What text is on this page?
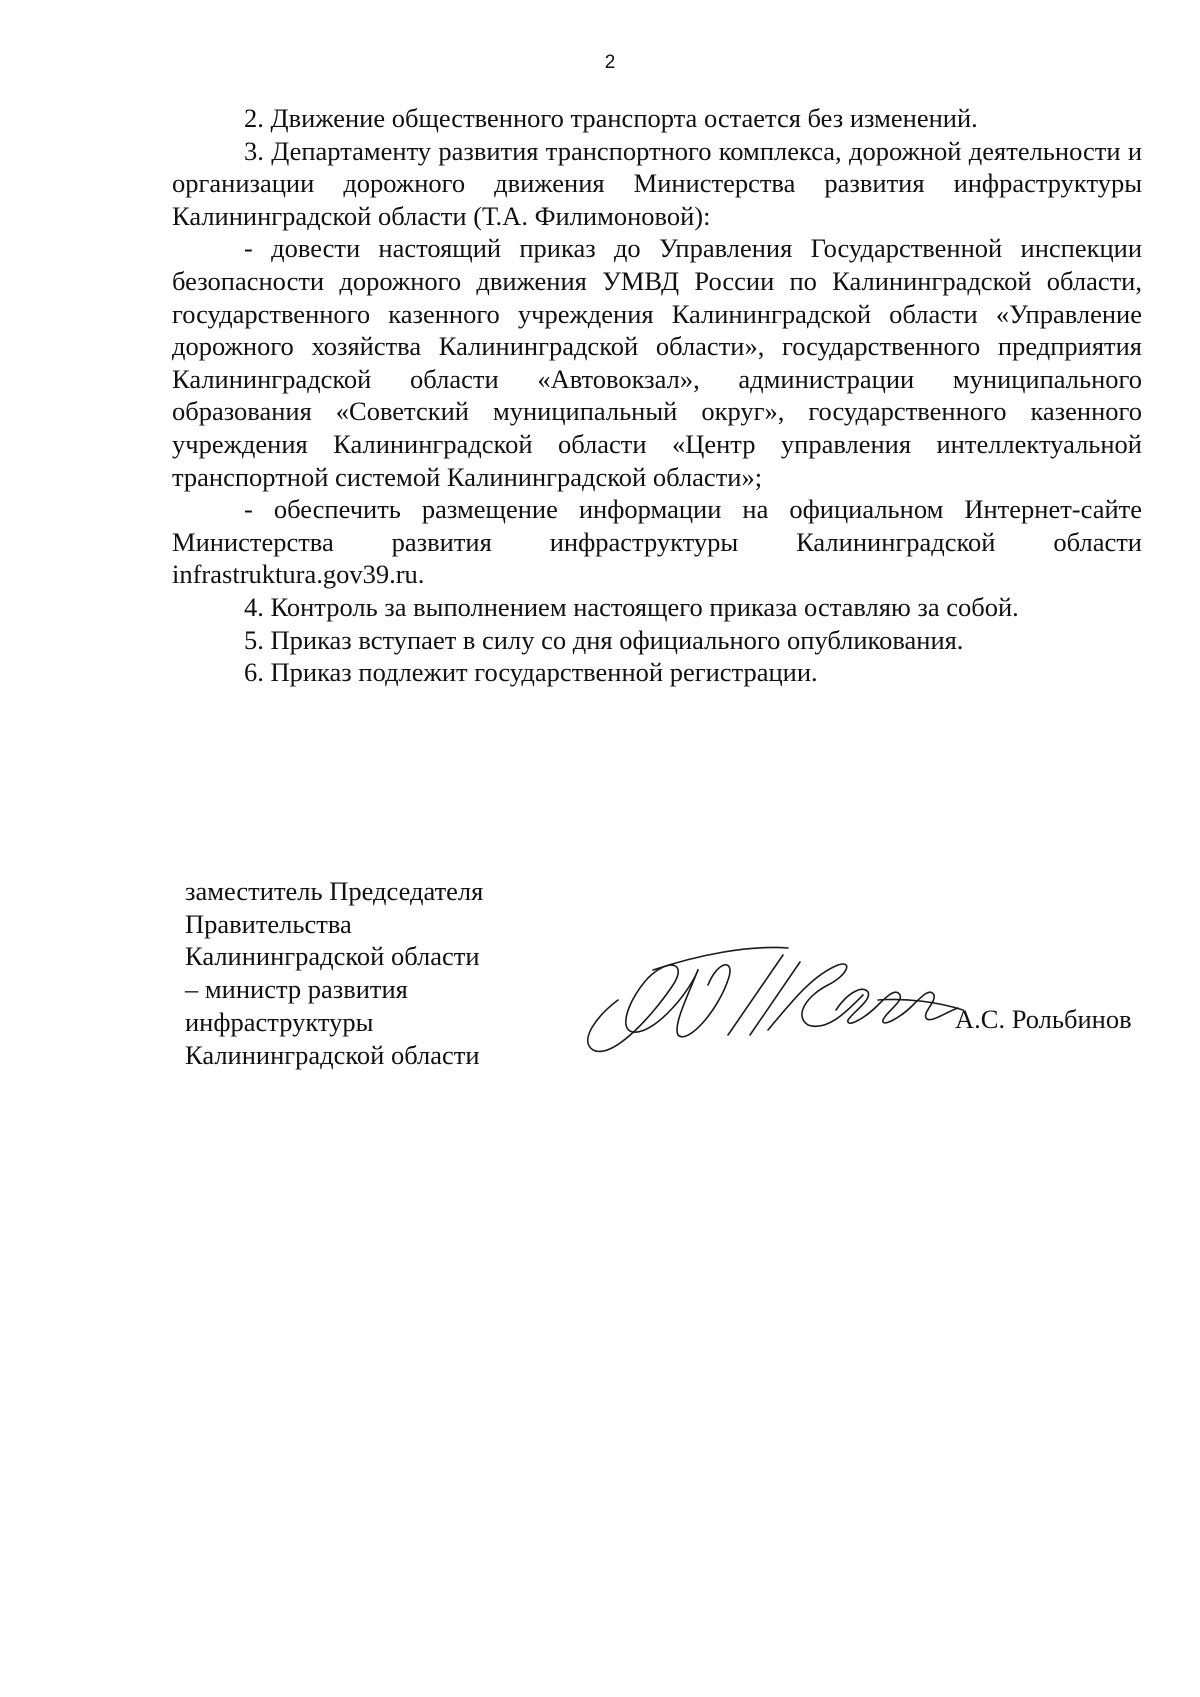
2

2. Движение общественного транспорта остается без изменений.

3. Департаменту развития транспортного комплекса, дорожной деятельности и организации дорожного движения Министерства развития инфраструктуры Калининградской области (Т.А. Филимоновой):

- довести настоящий приказ до Управления Государственной инспекции безопасности дорожного движения УМВД России по Калининградской области, государственного казенного учреждения Калининградской области «Управление дорожного хозяйства Калининградской области», государственного предприятия Калининградской области «Автовокзал», администрации муниципального образования «Советский муниципальный округ», государственного казенного учреждения Калининградской области «Центр управления интеллектуальной транспортной системой Калининградской области»;

- обеспечить размещение информации на официальном Интернет-сайте Министерства развития инфраструктуры Калининградской области infrastruktura.gov39.ru.

4. Контроль за выполнением настоящего приказа оставляю за собой.

5. Приказ вступает в силу со дня официального опубликования.

6. Приказ подлежит государственной регистрации.

заместитель Председателя
Правительства
Калининградской области
– министр развития
инфраструктуры
Калининградской области
А.С. Рольбинов
